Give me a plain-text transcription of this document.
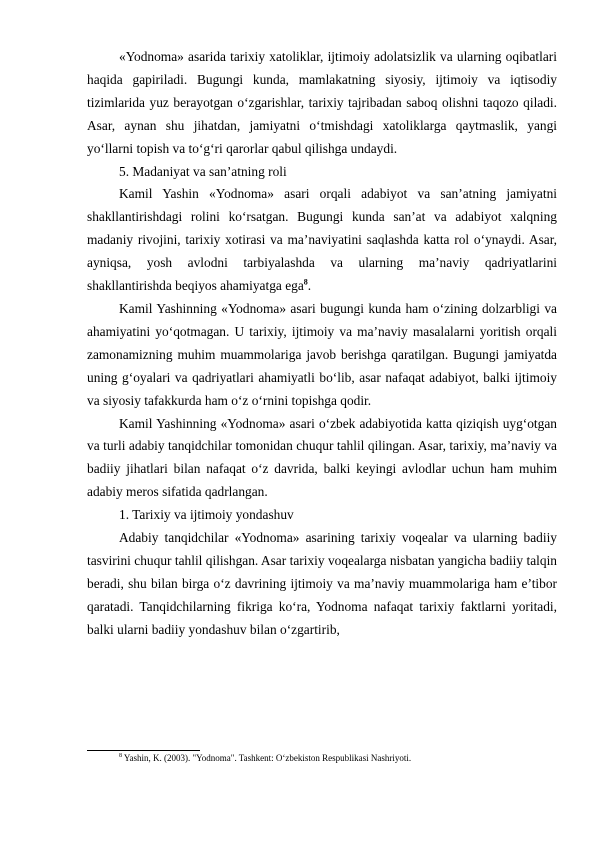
«Yodnoma» asarida tarixiy xatoliklar, ijtimoiy adolatsizlik va ularning oqibatlari haqida gapiriladi. Bugungi kunda, mamlakatning siyosiy, ijtimoiy va iqtisodiy tizimlarida yuz berayotgan o‘zgarishlar, tarixiy tajribadan saboq olishni taqozo qiladi. Asar, aynan shu jihatdan, jamiyatni o‘tmishdagi xatoliklarga qaytmaslik, yangi yo‘llarni topish va to‘g‘ri qarorlar qabul qilishga undaydi.

5. Madaniyat va san’atning roli

Kamil Yashin «Yodnoma» asari orqali adabiyot va san’atning jamiyatni shakllantirishdagi rolini ko‘rsatgan. Bugungi kunda san’at va adabiyot xalqning madaniy rivojini, tarixiy xotirasi va ma’naviyatini saqlashda katta rol o‘ynaydi. Asar, ayniqsa, yosh avlodni tarbiyalashda va ularning ma’naviy qadriyatlarini shakllantirishda beqiyos ahamiyatga ega$^8$.

Kamil Yashinning «Yodnoma» asari bugungi kunda ham o‘zining dolzarbligi va ahamiyatini yo‘qotmagan. U tarixiy, ijtimoiy va ma’naviy masalalarni yoritish orqali zamonamizning muhim muammolariga javob berishga qaratilgan. Bugungi jamiyatda uning g‘oyalari va qadriyatlari ahamiyatli bo‘lib, asar nafaqat adabiyot, balki ijtimoiy va siyosiy tafakkurda ham o‘z o‘rnini topishga qodir.

Kamil Yashinning «Yodnoma» asari o‘zbek adabiyotida katta qiziqish uyg‘otgan va turli adabiy tanqidchilar tomonidan chuqur tahlil qilingan. Asar, tarixiy, ma’naviy va badiiy jihatlari bilan nafaqat o‘z davrida, balki keyingi avlodlar uchun ham muhim adabiy meros sifatida qadrlangan.

1. Tarixiy va ijtimoiy yondashuv

Adabiy tanqidchilar «Yodnoma» asarining tarixiy voqealar va ularning badiiy tasvirini chuqur tahlil qilishgan. Asar tarixiy voqealarga nisbatan yangicha badiiy talqin beradi, shu bilan birga o‘z davrining ijtimoiy va ma’naviy muammolariga ham e’tibor qaratadi. Tanqidchilarning fikriga ko‘ra, Yodnoma nafaqat tarixiy faktlarni yoritadi, balki ularni badiiy yondashuv bilan o‘zgartirib,

$^8$ Yashin, K. (2003). "Yodnoma". Tashkent: O‘zbekiston Respublikasi Nashriyoti.
